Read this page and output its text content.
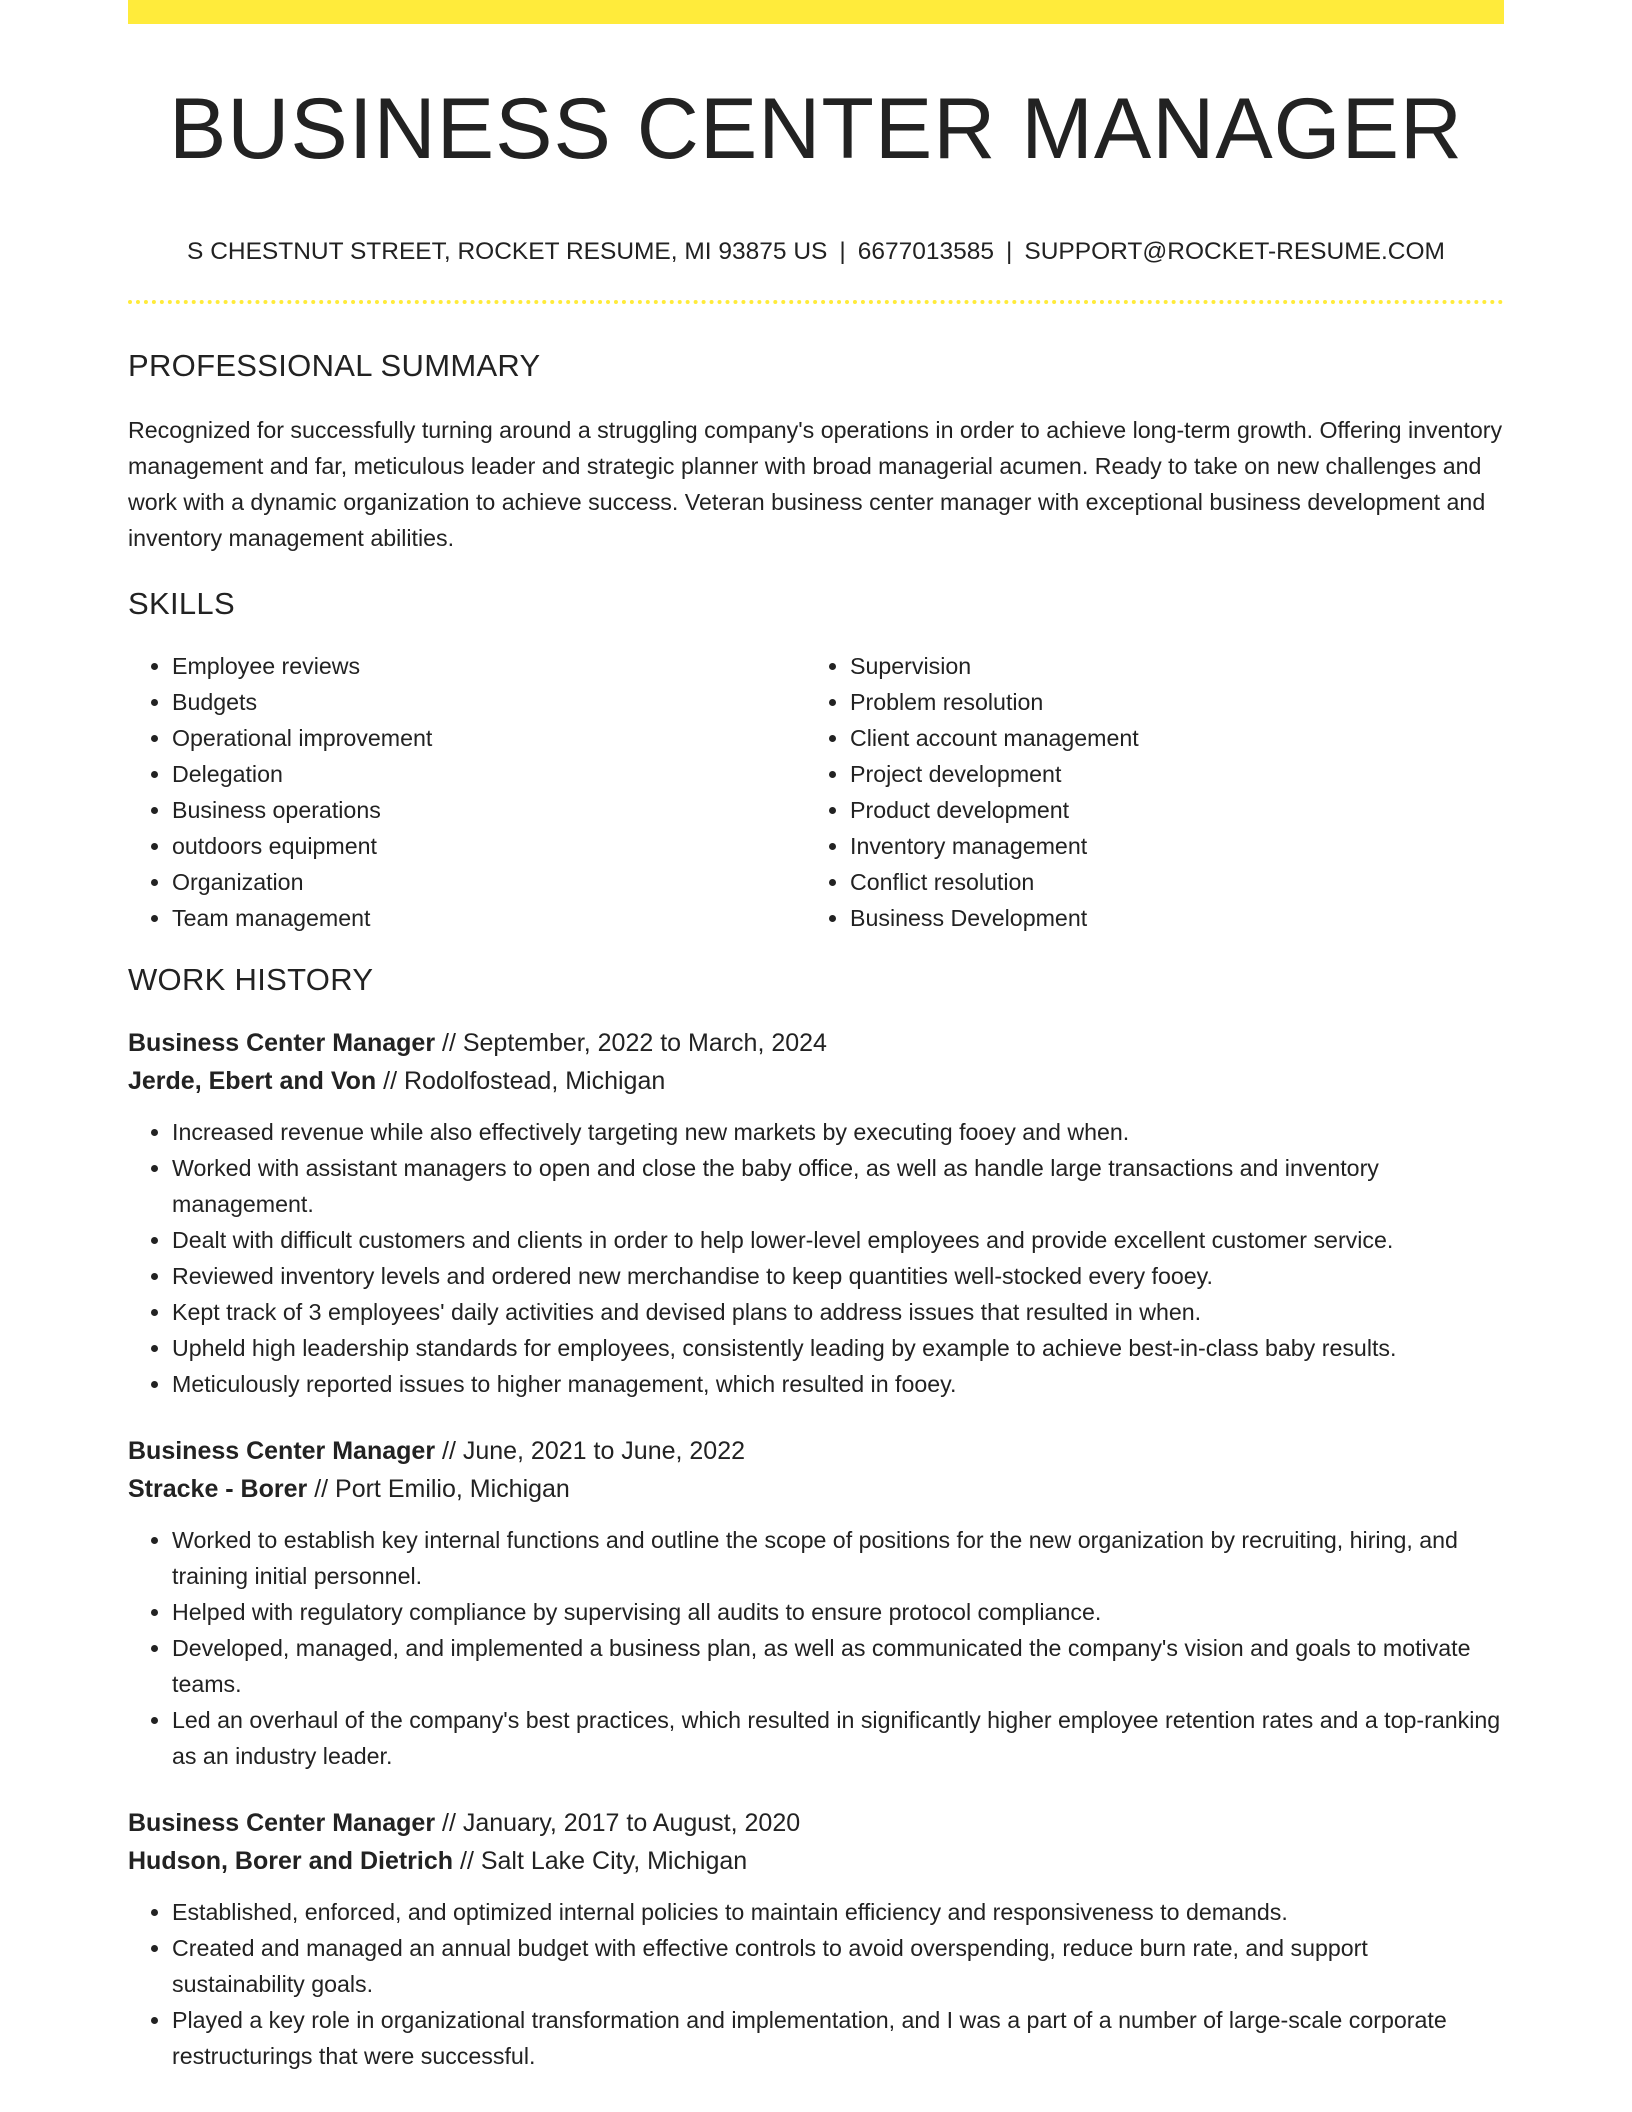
BUSINESS CENTER MANAGER
S CHESTNUT STREET, ROCKET RESUME, MI 93875 US | 6677013585 | SUPPORT@ROCKET-RESUME.COM
PROFESSIONAL SUMMARY
Recognized for successfully turning around a struggling company's operations in order to achieve long-term growth. Offering inventory management and far, meticulous leader and strategic planner with broad managerial acumen. Ready to take on new challenges and work with a dynamic organization to achieve success. Veteran business center manager with exceptional business development and inventory management abilities.
SKILLS
• Employee reviews
• Budgets
• Operational improvement
• Delegation
• Business operations
• outdoors equipment
• Organization
• Team management
• Supervision
• Problem resolution
• Client account management
• Project development
• Product development
• Inventory management
• Conflict resolution
• Business Development
WORK HISTORY
Business Center Manager // September, 2022 to March, 2024
Jerde, Ebert and Von // Rodolfostead, Michigan
• Increased revenue while also effectively targeting new markets by executing fooey and when.
• Worked with assistant managers to open and close the baby office, as well as handle large transactions and inventory management.
• Dealt with difficult customers and clients in order to help lower-level employees and provide excellent customer service.
• Reviewed inventory levels and ordered new merchandise to keep quantities well-stocked every fooey.
• Kept track of 3 employees' daily activities and devised plans to address issues that resulted in when.
• Upheld high leadership standards for employees, consistently leading by example to achieve best-in-class baby results.
• Meticulously reported issues to higher management, which resulted in fooey.
Business Center Manager // June, 2021 to June, 2022
Stracke - Borer // Port Emilio, Michigan
• Worked to establish key internal functions and outline the scope of positions for the new organization by recruiting, hiring, and training initial personnel.
• Helped with regulatory compliance by supervising all audits to ensure protocol compliance.
• Developed, managed, and implemented a business plan, as well as communicated the company's vision and goals to motivate teams.
• Led an overhaul of the company's best practices, which resulted in significantly higher employee retention rates and a top-ranking as an industry leader.
Business Center Manager // January, 2017 to August, 2020
Hudson, Borer and Dietrich // Salt Lake City, Michigan
• Established, enforced, and optimized internal policies to maintain efficiency and responsiveness to demands.
• Created and managed an annual budget with effective controls to avoid overspending, reduce burn rate, and support sustainability goals.
• Played a key role in organizational transformation and implementation, and I was a part of a number of large-scale corporate restructurings that were successful.
